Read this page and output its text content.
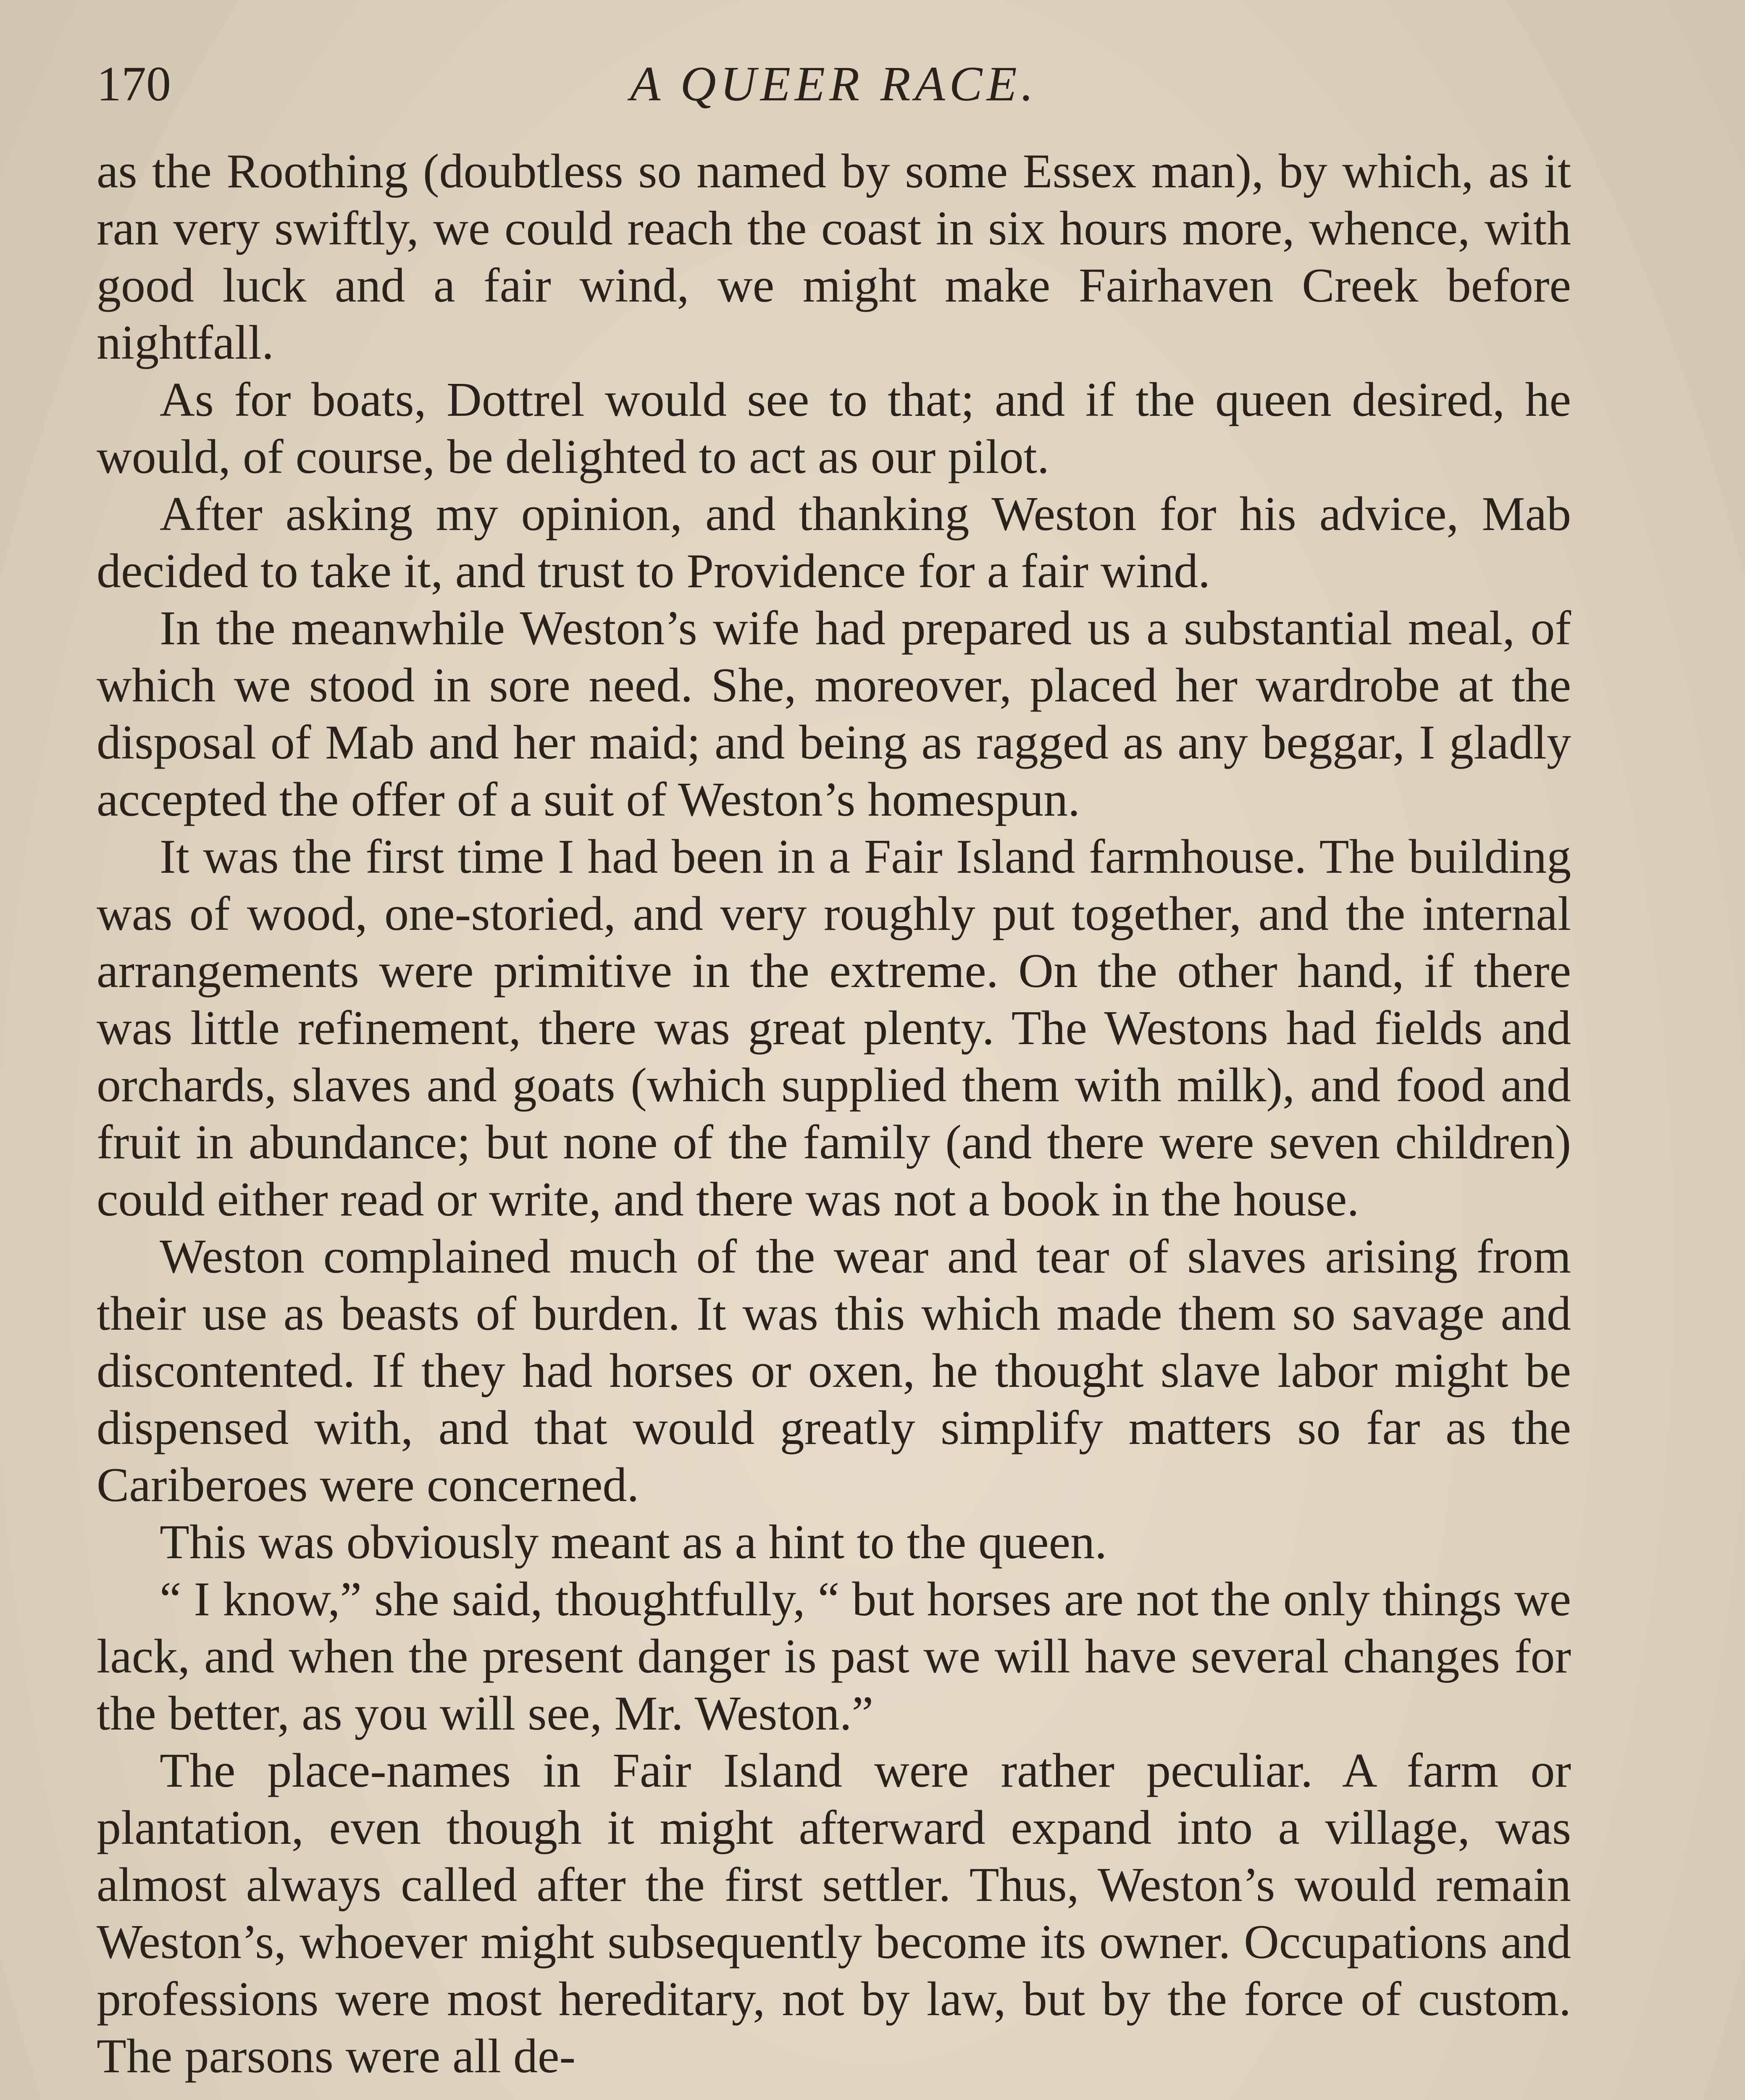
170	A QUEER RACE.

as the Roothing (doubtless so named by some Essex man), by which, as it ran very swiftly, we could reach the coast in six hours more, whence, with good luck and a fair wind, we might make Fairhaven Creek before nightfall.

As for boats, Dottrel would see to that; and if the queen desired, he would, of course, be delighted to act as our pilot.

After asking my opinion, and thanking Weston for his advice, Mab decided to take it, and trust to Providence for a fair wind.

In the meanwhile Weston’s wife had prepared us a substantial meal, of which we stood in sore need. She, moreover, placed her wardrobe at the disposal of Mab and her maid; and being as ragged as any beggar, I gladly accepted the offer of a suit of Weston’s homespun.

It was the first time I had been in a Fair Island farmhouse. The building was of wood, one-storied, and very roughly put together, and the internal arrangements were primitive in the extreme. On the other hand, if there was little refinement, there was great plenty. The Westons had fields and orchards, slaves and goats (which supplied them with milk), and food and fruit in abundance; but none of the family (and there were seven children) could either read or write, and there was not a book in the house.

Weston complained much of the wear and tear of slaves arising from their use as beasts of burden. It was this which made them so savage and discontented. If they had horses or oxen, he thought slave labor might be dispensed with, and that would greatly simplify matters so far as the Cariberoes were concerned.

This was obviously meant as a hint to the queen.

“ I know,” she said, thoughtfully, “ but horses are not the only things we lack, and when the present danger is past we will have several changes for the better, as you will see, Mr. Weston.”

The place-names in Fair Island were rather peculiar. A farm or plantation, even though it might afterward expand into a village, was almost always called after the first settler. Thus, Weston’s would remain Weston’s, whoever might subsequently become its owner. Occupations and professions were most hereditary, not by law, but by the force of custom. The parsons were all de-
